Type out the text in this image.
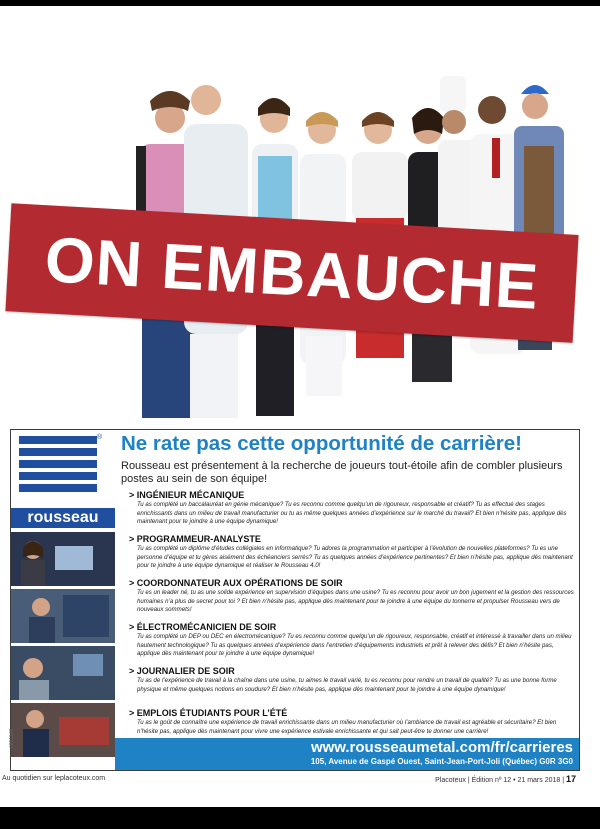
ON EMBAUCHE
®
rousseau
0891148
Ne rate pas cette opportunité de carrière!
Rousseau est présentement à la recherche de joueurs tout-étoile afin de combler plusieurs postes au sein de son équipe!
> INGÉNIEUR MÉCANIQUE
Tu as complété un baccalauréat en génie mécanique? Tu es reconnu comme quelqu’un de rigoureux, responsable et créatif? Tu as effectué des stages enrichissants dans un milieu de travail manufacturier ou tu as même quelques années d’expérience sur le marché du travail? Et bien n’hésite pas, applique dès maintenant pour te joindre à une équipe dynamique!
> PROGRAMMEUR-ANALYSTE
Tu as complété un diplôme d’études collégiales en informatique? Tu adores la programmation et participer à l’évolution de nouvelles plateformes? Tu es une personne d’équipe et tu gères aisément des échéanciers serrés? Tu as quelques années d’expérience pertinentes? Et bien n’hésite pas, applique dès maintenant pour te joindre à une équipe dynamique et réaliser le Rousseau 4.0!
> COORDONNATEUR AUX OPÉRATIONS DE SOIR
Tu es un leader né, tu as une solide expérience en supervision d’équipes dans une usine? Tu es reconnu pour avoir un bon jugement et la gestion des ressources humaines n’a plus de secret pour toi ? Et bien n’hésite pas, applique dès maintenant pour te joindre à une équipe du tonnerre et propulser Rousseau vers de nouveaux sommets!
> ÉLECTROMÉCANICIEN DE SOIR
Tu as complété un DEP ou DEC en électromécanique? Tu es reconnu comme quelqu’un de rigoureux, responsable, créatif et intéressé à travailler dans un milieu hautement technologique? Tu as quelques années d’expérience dans l’entretien d’équipements industriels et prêt à relever des défis? Et bien n’hésite pas, applique dès maintenant pour te joindre à une équipe dynamique!
> JOURNALIER DE SOIR
Tu as de l’expérience de travail à la chaîne dans une usine, tu aimes le travail varié, tu es reconnu pour rendre un travail de qualité? Tu as une bonne forme physique et même quelques notions en soudure? Et bien n’hésite pas, applique dès maintenant pour te joindre à une équipe dynamique!
> EMPLOIS ÉTUDIANTS POUR L’ÉTÉ
Tu as le goût de connaître une expérience de travail enrichissante dans un milieu manufacturier où l’ambiance de travail est agréable et sécuritaire? Et bien n’hésite pas, applique dès maintenant pour vivre une expérience estivale enrichissante et qui sait peut-être te donner une carrière!
www.rousseaumetal.com/fr/carrieres
105, Avenue de Gaspé Ouest, Saint-Jean-Port-Joli (Québec) G0R 3G0
Au quotidien sur leplacoteux.com	Placoteux | Édition nº 12 • 21 mars 2018 | 17
